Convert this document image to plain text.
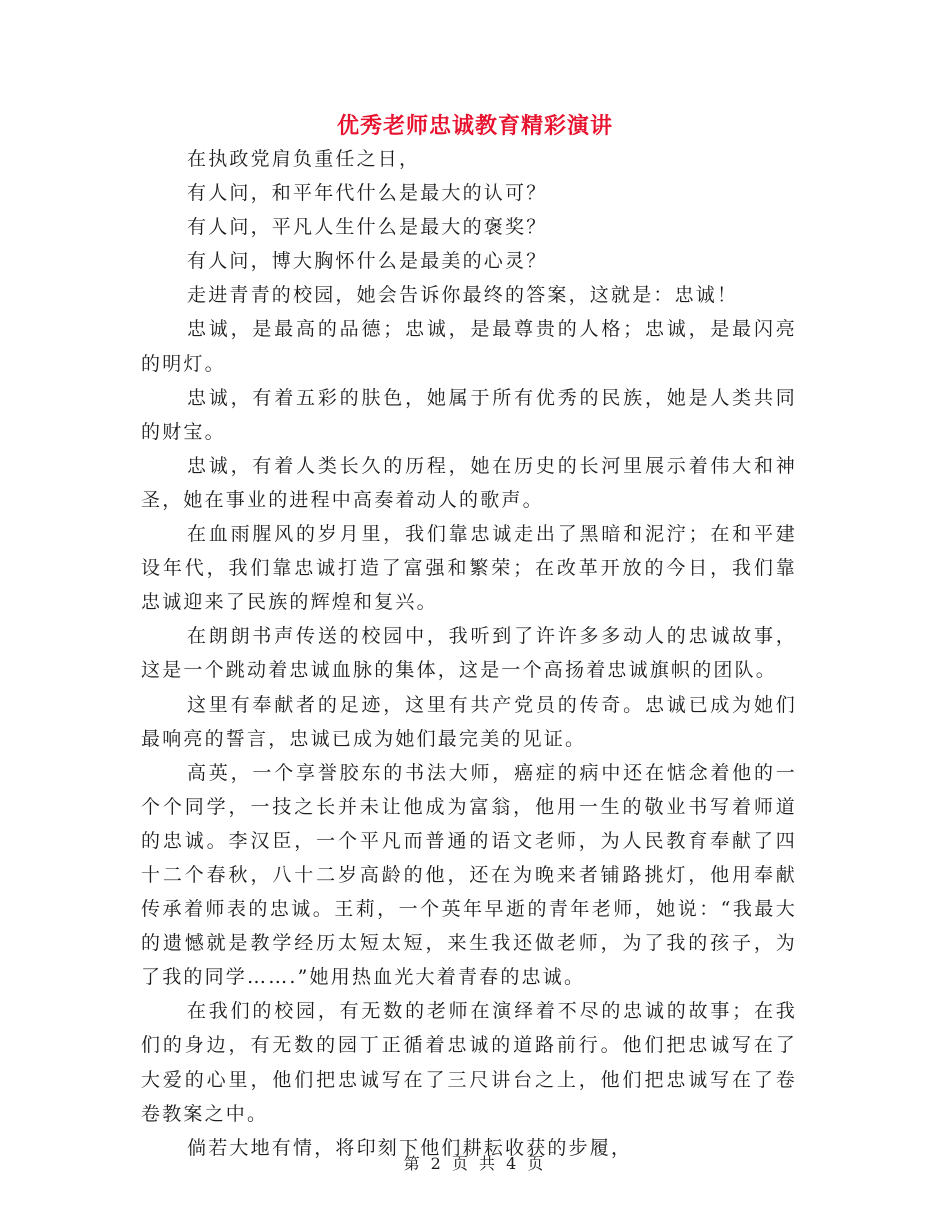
优秀老师忠诚教育精彩演讲

在执政党肩负重任之日，

有人问，和平年代什么是最大的认可？

有人问，平凡人生什么是最大的褒奖？

有人问，博大胸怀什么是最美的心灵？

走进青青的校园，她会告诉你最终的答案，这就是：忠诚！

忠诚，是最高的品德；忠诚，是最尊贵的人格；忠诚，是最闪亮的明灯。

忠诚，有着五彩的肤色，她属于所有优秀的民族，她是人类共同的财宝。

忠诚，有着人类长久的历程，她在历史的长河里展示着伟大和神圣，她在事业的进程中高奏着动人的歌声。

在血雨腥风的岁月里，我们靠忠诚走出了黑暗和泥泞；在和平建设年代，我们靠忠诚打造了富强和繁荣；在改革开放的今日，我们靠忠诚迎来了民族的辉煌和复兴。

在朗朗书声传送的校园中，我听到了许许多多动人的忠诚故事，这是一个跳动着忠诚血脉的集体，这是一个高扬着忠诚旗帜的团队。

这里有奉献者的足迹，这里有共产党员的传奇。忠诚已成为她们最响亮的誓言，忠诚已成为她们最完美的见证。

高英，一个享誉胶东的书法大师，癌症的病中还在惦念着他的一个个同学，一技之长并未让他成为富翁，他用一生的敬业书写着师道的忠诚。李汉臣，一个平凡而普通的语文老师，为人民教育奉献了四十二个春秋，八十二岁高龄的他，还在为晚来者铺路挑灯，他用奉献传承着师表的忠诚。王莉，一个英年早逝的青年老师，她说：“我最大的遗憾就是教学经历太短太短，来生我还做老师，为了我的孩子，为了我的同学…….”她用热血光大着青春的忠诚。

在我们的校园，有无数的老师在演绎着不尽的忠诚的故事；在我们的身边，有无数的园丁正循着忠诚的道路前行。他们把忠诚写在了大爱的心里，他们把忠诚写在了三尺讲台之上，他们把忠诚写在了卷卷教案之中。

倘若大地有情，将印刻下他们耕耘收获的步履，

第 2 页 共 4 页
